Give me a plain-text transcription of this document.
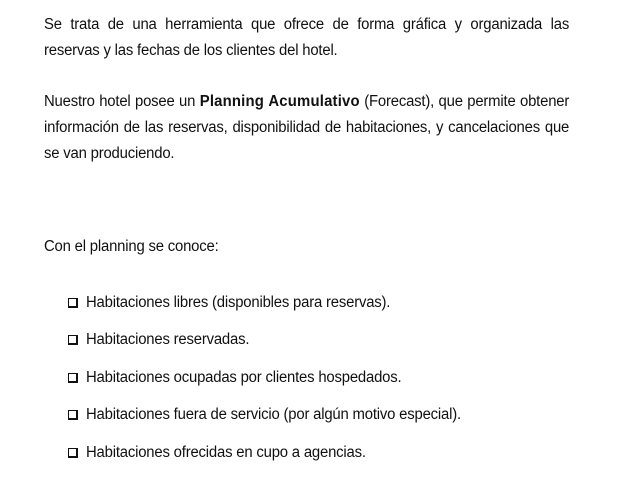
Se trata de una herramienta que ofrece de forma gráfica y organizada las reservas y las fechas de los clientes del hotel.

Nuestro hotel posee un Planning Acumulativo (Forecast), que permite obtener información de las reservas, disponibilidad de habitaciones, y cancelaciones que se van produciendo.

Con el planning se conoce:

Habitaciones libres (disponibles para reservas).
Habitaciones reservadas.
Habitaciones ocupadas por clientes hospedados.
Habitaciones fuera de servicio (por algún motivo especial).
Habitaciones ofrecidas en cupo a agencias.
